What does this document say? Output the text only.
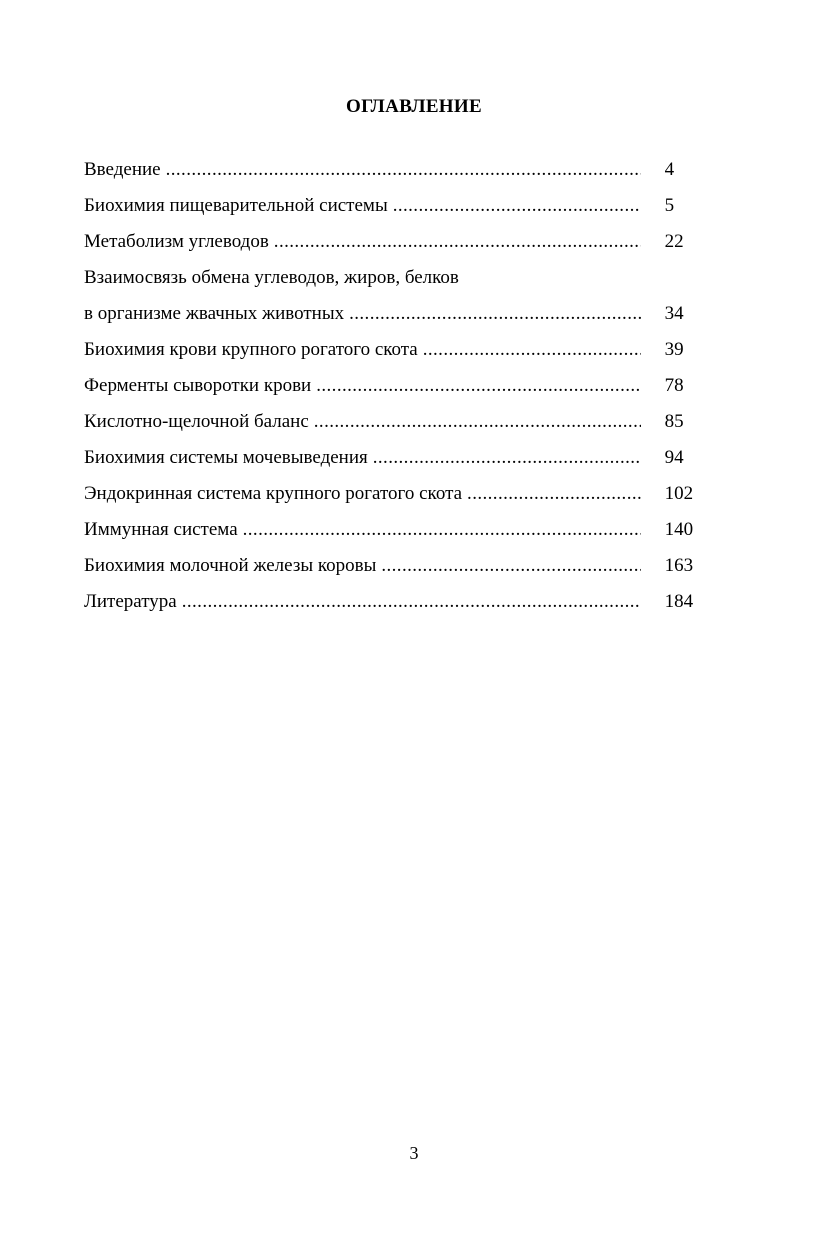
ОГЛАВЛЕНИЕ
Введение .....	4
Биохимия пищеварительной системы .....	5
Метаболизм углеводов .....	22
Взаимосвязь обмена углеводов, жиров, белков
в организме жвачных животных .....	34
Биохимия крови крупного рогатого скота .....	39
Ферменты сыворотки крови .....	78
Кислотно-щелочной баланс .....	85
Биохимия системы мочевыведения .....	94
Эндокринная система крупного рогатого скота .....	102
Иммунная система .....	140
Биохимия молочной железы коровы .....	163
Литература .....	184
3
